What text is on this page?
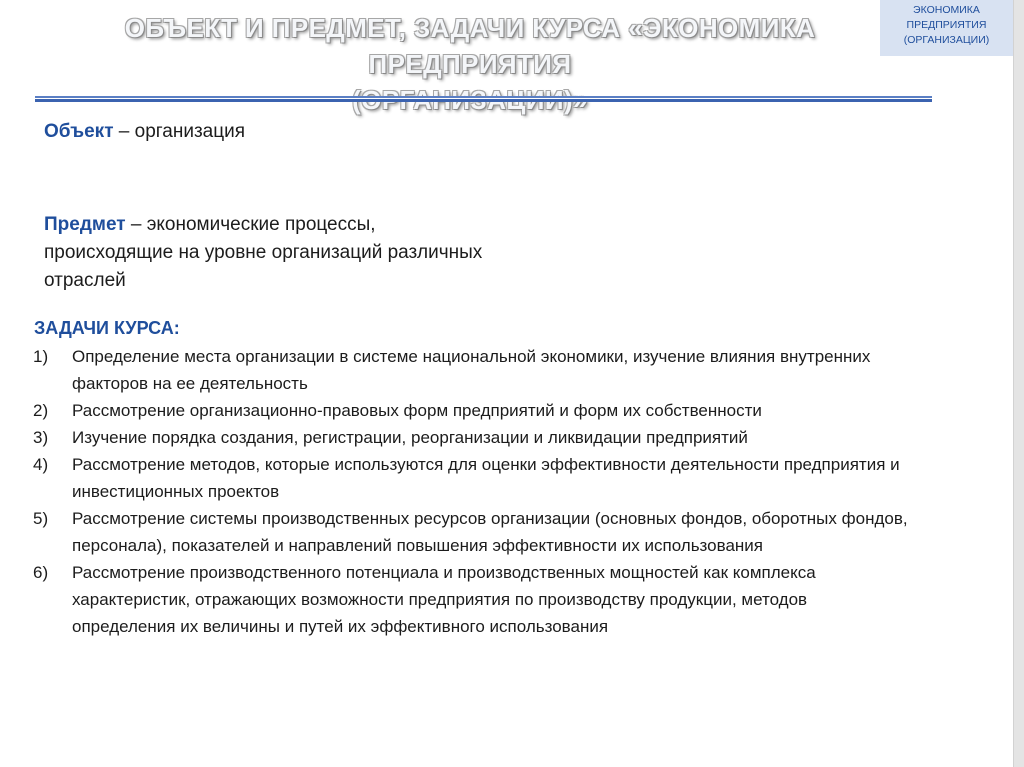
ОБЪЕКТ И ПРЕДМЕТ, ЗАДАЧИ КУРСА «ЭКОНОМИКА ПРЕДПРИЯТИЯ
ЭКОНОМИКА
ПРЕДПРИЯТИЯ
(ОРГАНИЗАЦИИ)
Объект – организация
Предмет – экономические процессы, происходящие на уровне организаций различных отраслей
ЗАДАЧИ КУРСА:
1) Определение места организации в системе национальной экономики, изучение влияния внутренних факторов на ее деятельность
2) Рассмотрение организационно-правовых форм предприятий и форм их собственности
3) Изучение порядка создания, регистрации, реорганизации и ликвидации предприятий
4) Рассмотрение методов, которые используются для оценки эффективности деятельности предприятия и инвестиционных проектов
5) Рассмотрение системы производственных ресурсов организации (основных фондов, оборотных фондов, персонала), показателей и направлений повышения эффективности их использования
6) Рассмотрение производственного потенциала и производственных мощностей как комплекса характеристик, отражающих возможности предприятия по производству продукции, методов определения их величины и путей их эффективного использования
